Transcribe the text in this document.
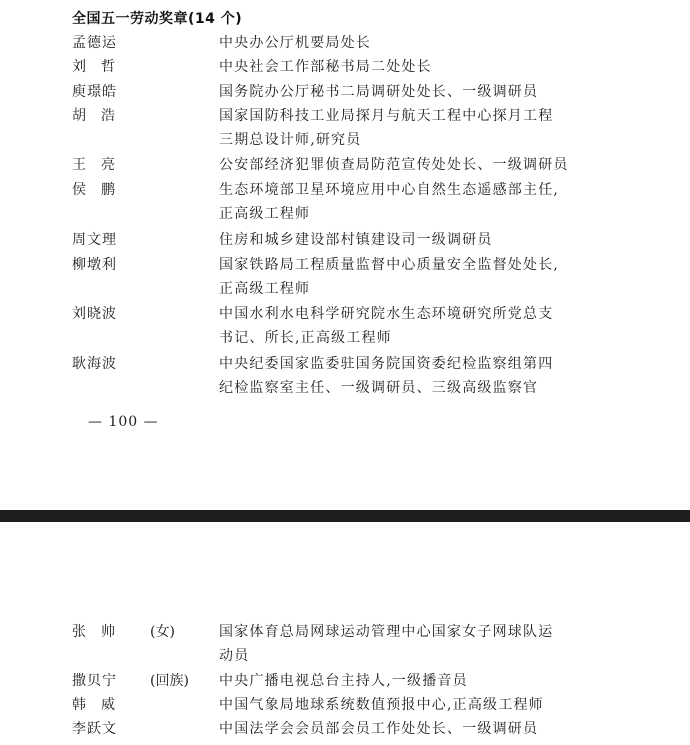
全国五一劳动奖章(14 个)
孟德运	中央办公厅机要局处长
刘哲	中央社会工作部秘书局二处处长
庾璟皓	国务院办公厅秘书二局调研处处长、一级调研员
胡浩	国家国防科技工业局探月与航天工程中心探月工程
三期总设计师,研究员
王亮	公安部经济犯罪侦查局防范宣传处处长、一级调研员
侯鹏	生态环境部卫星环境应用中心自然生态遥感部主任,
正高级工程师
周文理	住房和城乡建设部村镇建设司一级调研员
柳墩利	国家铁路局工程质量监督中心质量安全监督处处长,
正高级工程师
刘晓波	中国水利水电科学研究院水生态环境研究所党总支
书记、所长,正高级工程师
耿海波	中央纪委国家监委驻国务院国资委纪检监察组第四
纪检监察室主任、一级调研员、三级高级监察官
— 100 —
张帅 (女)	国家体育总局网球运动管理中心国家女子网球队运
动员
撒贝宁 (回族) 中央广播电视总台主持人,一级播音员
韩威	中国气象局地球系统数值预报中心,正高级工程师
李跃文	中国法学会会员部会员工作处处长、一级调研员
